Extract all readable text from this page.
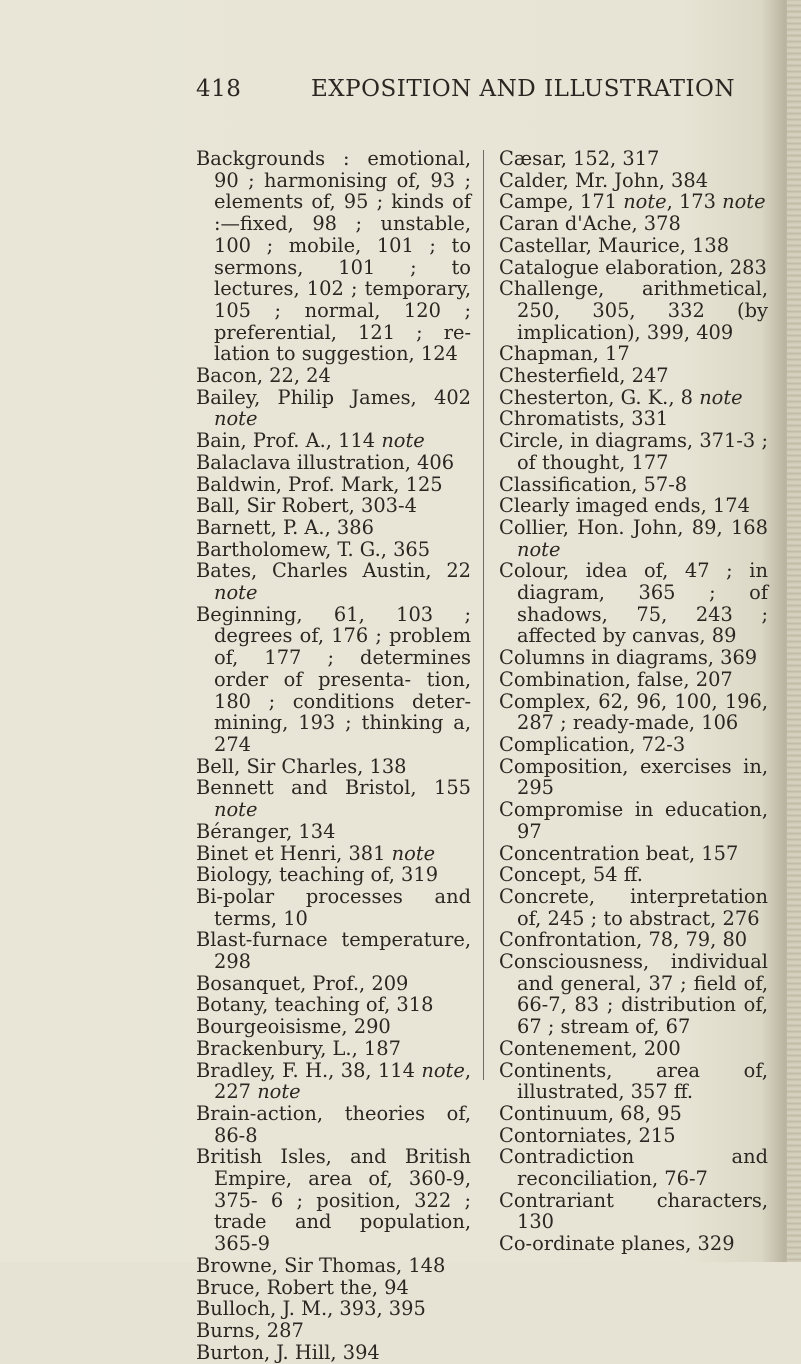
418	EXPOSITION AND ILLUSTRATION
Backgrounds : emotional, 90 ; harmonising of, 93 ; elements of, 95 ; kinds of :—fixed, 98 ; unstable, 100 ; mobile, 101 ; to sermons, 101 ; to lectures, 102 ; temporary, 105 ; normal, 120 ; preferential, 121 ; re- lation to suggestion, 124
Bacon, 22, 24
Bailey, Philip James, 402 note
Bain, Prof. A., 114 note
Balaclava illustration, 406
Baldwin, Prof. Mark, 125
Ball, Sir Robert, 303-4
Barnett, P. A., 386
Bartholomew, T. G., 365
Bates, Charles Austin, 22 note
Beginning, 61, 103 ; degrees of, 176 ; problem of, 177 ; determines order of presenta- tion, 180 ; conditions deter- mining, 193 ; thinking a, 274
Bell, Sir Charles, 138
Bennett and Bristol, 155 note
Béranger, 134
Binet et Henri, 381 note
Biology, teaching of, 319
Bi-polar processes and terms, 10
Blast-furnace temperature, 298
Bosanquet, Prof., 209
Botany, teaching of, 318
Bourgeoisisme, 290
Brackenbury, L., 187
Bradley, F. H., 38, 114 note, 227 note
Brain-action, theories of, 86-8
British Isles, and British Empire, area of, 360-9, 375- 6 ; position, 322 ; trade and population, 365-9
Browne, Sir Thomas, 148
Bruce, Robert the, 94
Bulloch, J. M., 393, 395
Burns, 287
Burton, J. Hill, 394
Cæsar, 152, 317
Calder, Mr. John, 384
Campe, 171 note, 173 note
Caran d'Ache, 378
Castellar, Maurice, 138
Catalogue elaboration, 283
Challenge, arithmetical, 250, 305, 332 (by implication), 399, 409
Chapman, 17
Chesterfield, 247
Chesterton, G. K., 8 note
Chromatists, 331
Circle, in diagrams, 371-3 ; of thought, 177
Classification, 57-8
Clearly imaged ends, 174
Collier, Hon. John, 89, 168 note
Colour, idea of, 47 ; in diagram, 365 ; of shadows, 75, 243 ; affected by canvas, 89
Columns in diagrams, 369
Combination, false, 207
Complex, 62, 96, 100, 196, 287 ; ready-made, 106
Complication, 72-3
Composition, exercises in, 295
Compromise in education, 97
Concentration beat, 157
Concept, 54 ff.
Concrete, interpretation of, 245 ; to abstract, 276
Confrontation, 78, 79, 80
Consciousness, individual and general, 37 ; field of, 66-7, 83 ; distribution of, 67 ; stream of, 67
Contenement, 200
Continents, area of, illustrated, 357 ff.
Continuum, 68, 95
Contorniates, 215
Contradiction and reconciliation, 76-7
Contrariant characters, 130
Co-ordinate planes, 329
